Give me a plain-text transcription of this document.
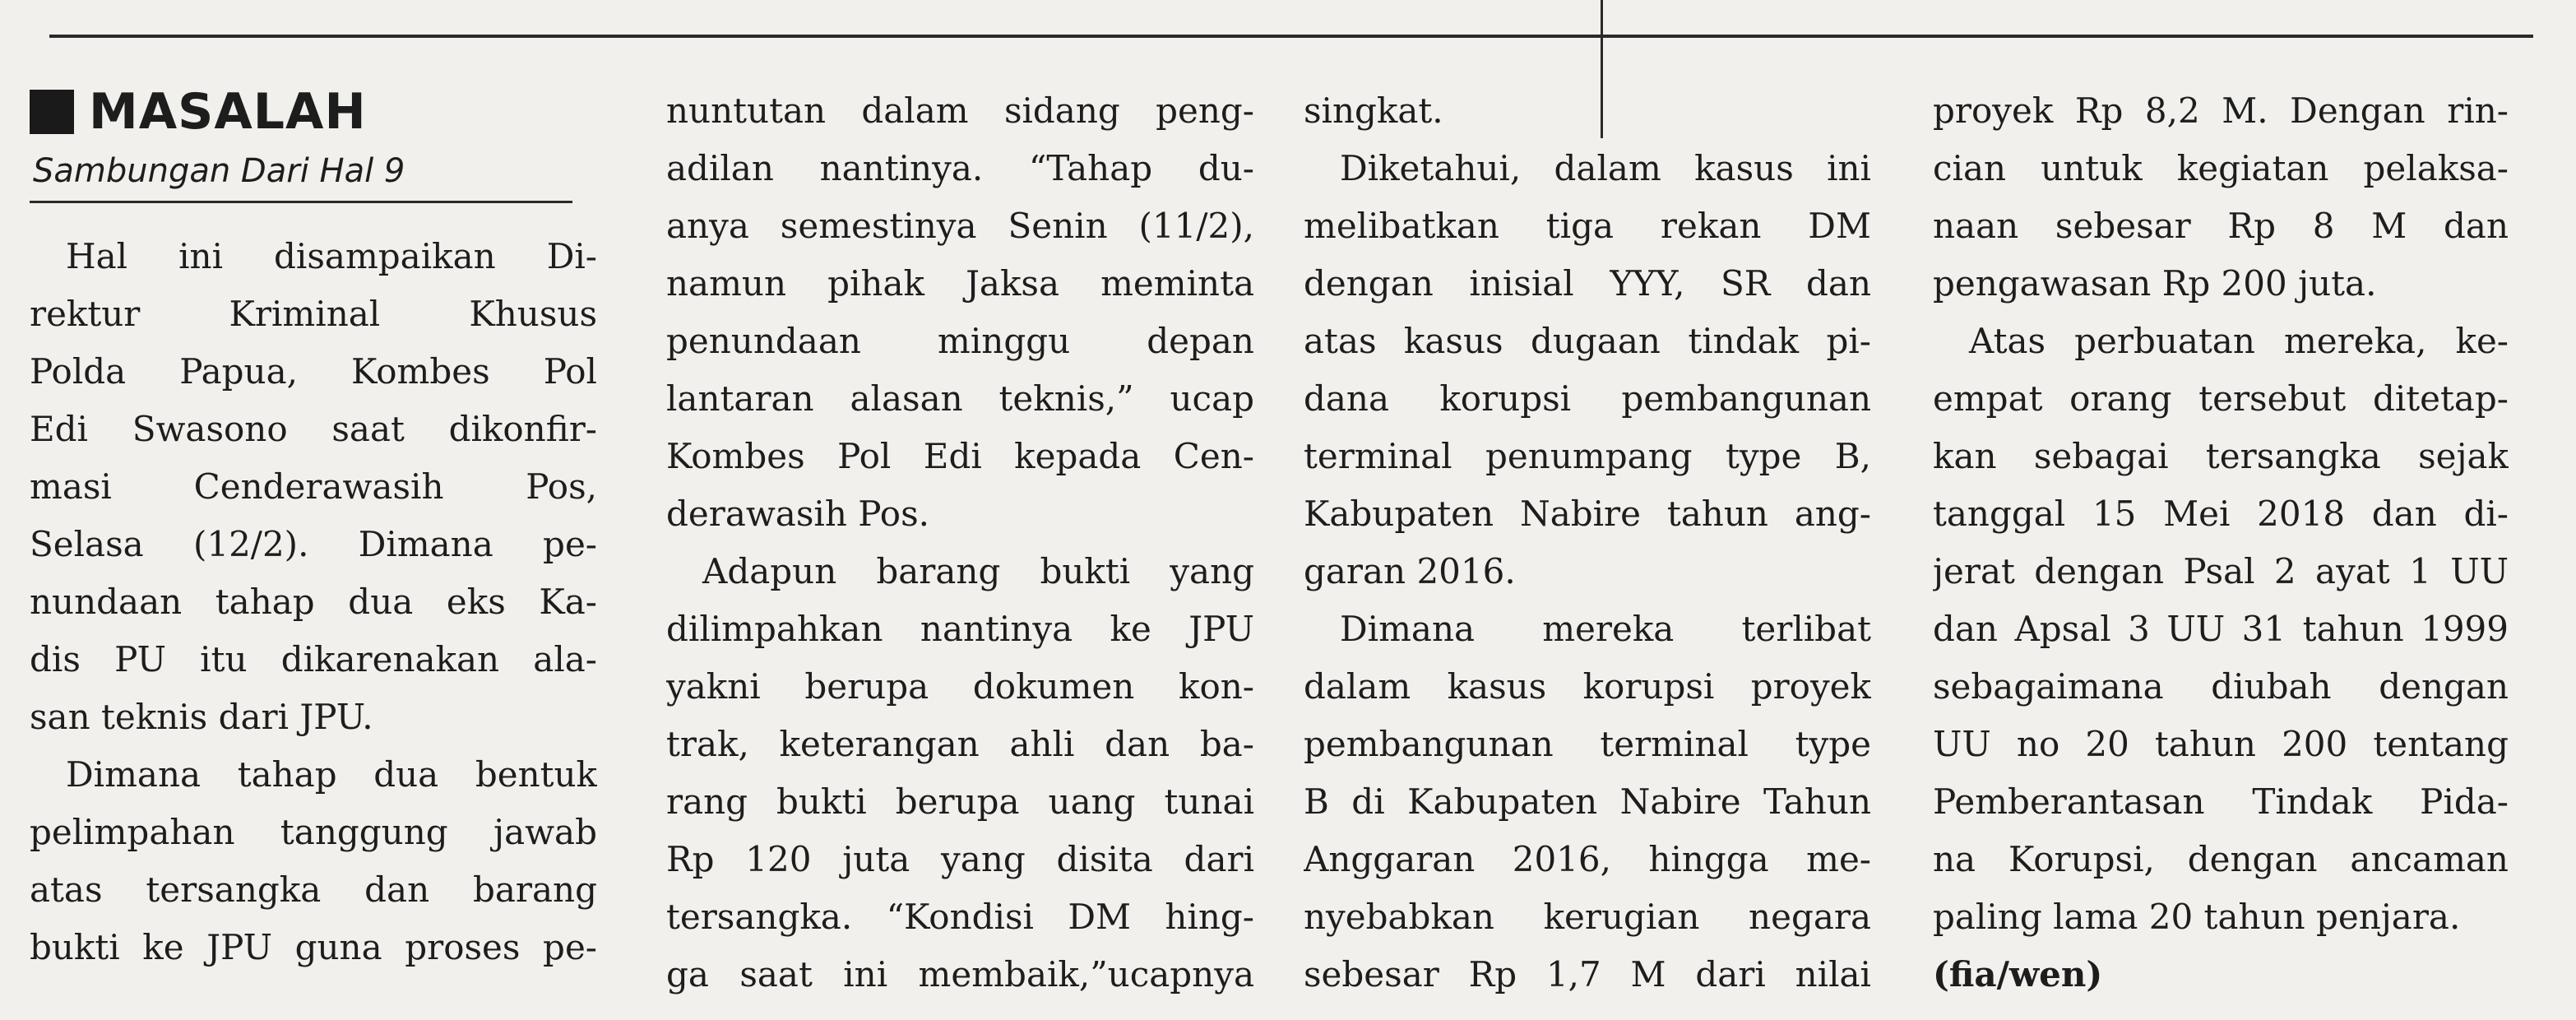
MASALAH
Sambungan Dari Hal 9

Hal ini disampaikan Di-
rektur Kriminal Khusus
Polda Papua, Kombes Pol
Edi Swasono saat dikonfir-
masi Cenderawasih Pos,
Selasa (12/2). Dimana pe-
nundaan tahap dua eks Ka-
dis PU itu dikarenakan ala-
san teknis dari JPU.

Dimana tahap dua bentuk
pelimpahan tanggung jawab
atas tersangka dan barang
bukti ke JPU guna proses pe-

nuntutan dalam sidang peng-
adilan nantinya. “Tahap du-
anya semestinya Senin (11/2),
namun pihak Jaksa meminta
penundaan minggu depan
lantaran alasan teknis,” ucap
Kombes Pol Edi kepada Cen-
derawasih Pos.

Adapun barang bukti yang
dilimpahkan nantinya ke JPU
yakni berupa dokumen kon-
trak, keterangan ahli dan ba-
rang bukti berupa uang tunai
Rp 120 juta yang disita dari
tersangka. “Kondisi DM hing-
ga saat ini membaik,”ucapnya

singkat.

Diketahui, dalam kasus ini
melibatkan tiga rekan DM
dengan inisial YYY, SR dan
atas kasus dugaan tindak pi-
dana korupsi pembangunan
terminal penumpang type B,
Kabupaten Nabire tahun ang-
garan 2016.

Dimana mereka terlibat
dalam kasus korupsi proyek
pembangunan terminal type
B di Kabupaten Nabire Tahun
Anggaran 2016, hingga me-
nyebabkan kerugian negara
sebesar Rp 1,7 M dari nilai

proyek Rp 8,2 M. Dengan rin-
cian untuk kegiatan pelaksa-
naan sebesar Rp 8 M dan
pengawasan Rp 200 juta.

Atas perbuatan mereka, ke-
empat orang tersebut ditetap-
kan sebagai tersangka sejak
tanggal 15 Mei 2018 dan di-
jerat dengan Psal 2 ayat 1 UU
dan Apsal 3 UU 31 tahun 1999
sebagaimana diubah dengan
UU no 20 tahun 200 tentang
Pemberantasan Tindak Pida-
na Korupsi, dengan ancaman
paling lama 20 tahun penjara.

(fia/wen)
